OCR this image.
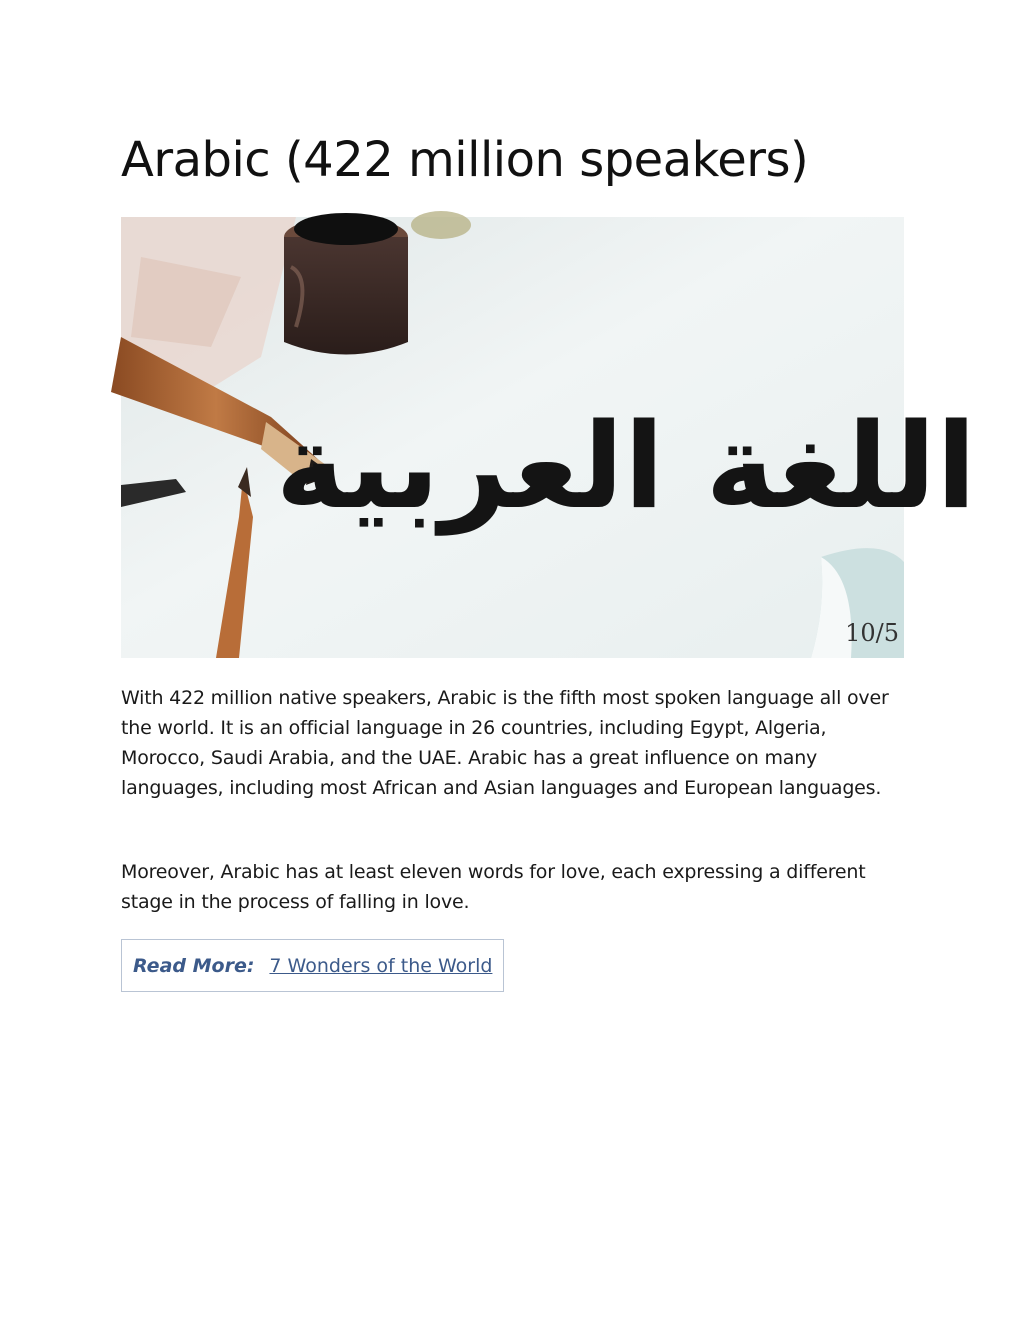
Arabic (422 million speakers)
اللغة العربية
10/5

With 422 million native speakers, Arabic is the fifth most spoken language all over the world. It is an official language in 26 countries, including Egypt, Algeria, Morocco, Saudi Arabia, and the UAE. Arabic has a great influence on many languages, including most African and Asian languages and European languages.

Moreover, Arabic has at least eleven words for love, each expressing a different stage in the process of falling in love.

Read More: 7 Wonders of the World
